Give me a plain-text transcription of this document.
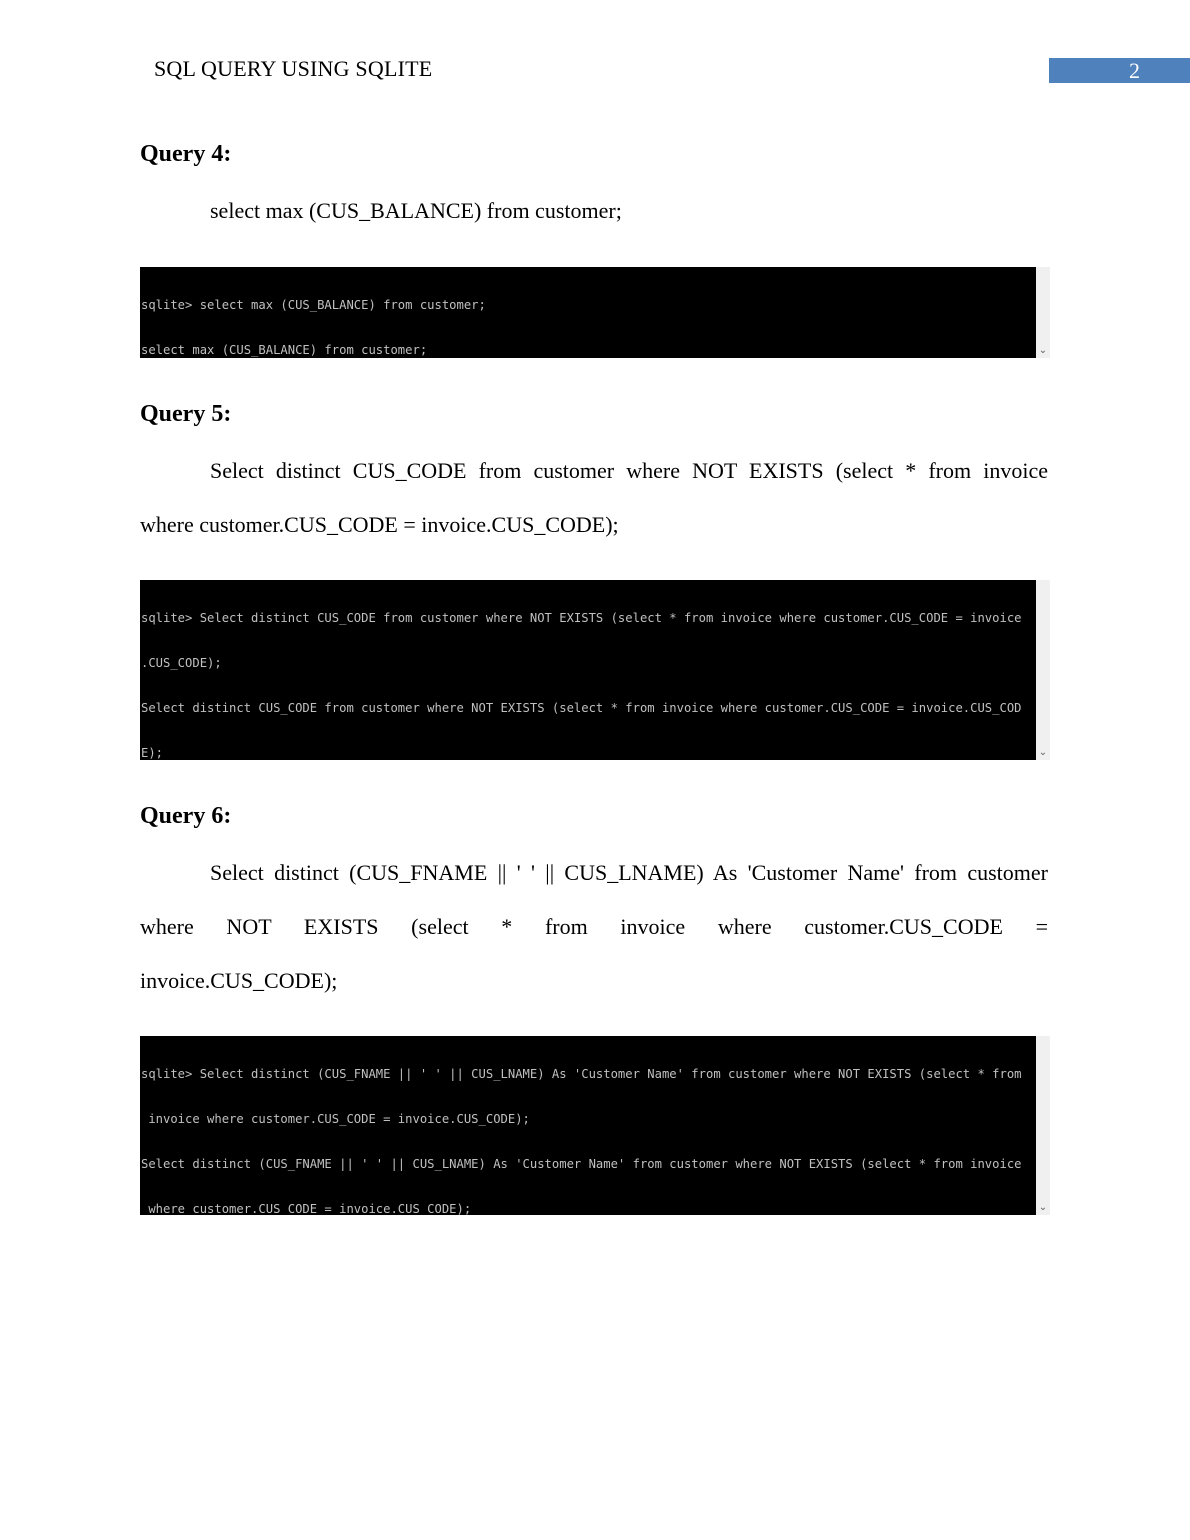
SQL QUERY USING SQLITE	2
Query 4:
select max (CUS_BALANCE) from customer;

sqlite> select max (CUS_BALANCE) from customer;

select max (CUS_BALANCE) from customer;

	⌄
Query 5:
Select distinct CUS_CODE from customer where NOT EXISTS (select * from invoice
where customer.CUS_CODE = invoice.CUS_CODE);

sqlite> Select distinct CUS_CODE from customer where NOT EXISTS (select * from invoice where customer.CUS_CODE = invoice

.CUS_CODE);

Select distinct CUS_CODE from customer where NOT EXISTS (select * from invoice where customer.CUS_CODE = invoice.CUS_COD

E);

	⌄
Query 6:
Select distinct (CUS_FNAME || ' ' || CUS_LNAME) As 'Customer Name' from customer
where NOT EXISTS (select * from invoice where customer.CUS_CODE =
invoice.CUS_CODE);

sqlite> Select distinct (CUS_FNAME || ' ' || CUS_LNAME) As 'Customer Name' from customer where NOT EXISTS (select * from

invoice where customer.CUS_CODE = invoice.CUS_CODE);

Select distinct (CUS_FNAME || ' ' || CUS_LNAME) As 'Customer Name' from customer where NOT EXISTS (select * from invoice

where customer.CUS_CODE = invoice.CUS_CODE);

	⌄
